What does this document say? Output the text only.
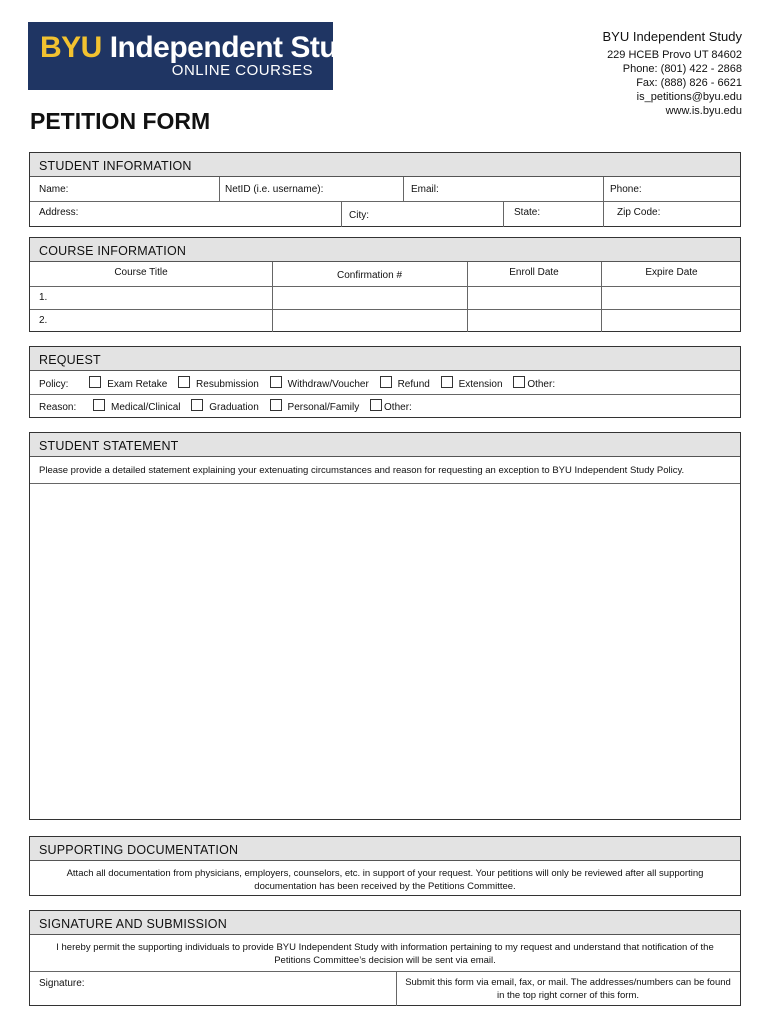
BYU Independent Study
ONLINE COURSES
BYU Independent Study
229 HCEB Provo UT 84602
Phone: (801) 422 - 2868
Fax: (888) 826 - 6621
is_petitions@byu.edu
www.is.byu.edu
PETITION FORM
STUDENT INFORMATION
Name:	NetID (i.e. username):	Email:	Phone:
Address:	City:	State:	Zip Code:
COURSE INFORMATION
Course Title	Confirmation #	Enroll Date	Expire Date
1.
2.
REQUEST
Policy:	Exam Retake	Resubmission	Withdraw/Voucher	Refund	Extension Other:
Reason:	Medical/Clinical	Graduation	Personal/Family Other:
STUDENT STATEMENT
Please provide a detailed statement explaining your extenuating circumstances and reason for requesting an exception to BYU Independent Study Policy.
SUPPORTING DOCUMENTATION
Attach all documentation from physicians, employers, counselors, etc. in support of your request. Your petitions will only be reviewed after all supporting documentation has been received by the Petitions Committee.
SIGNATURE AND SUBMISSION
I hereby permit the supporting individuals to provide BYU Independent Study with information pertaining to my request and understand that notification of the Petitions Committee’s decision will be sent via email.
Signature:	Submit this form via email, fax, or mail. The addresses/numbers can be found in the top right corner of this form.
